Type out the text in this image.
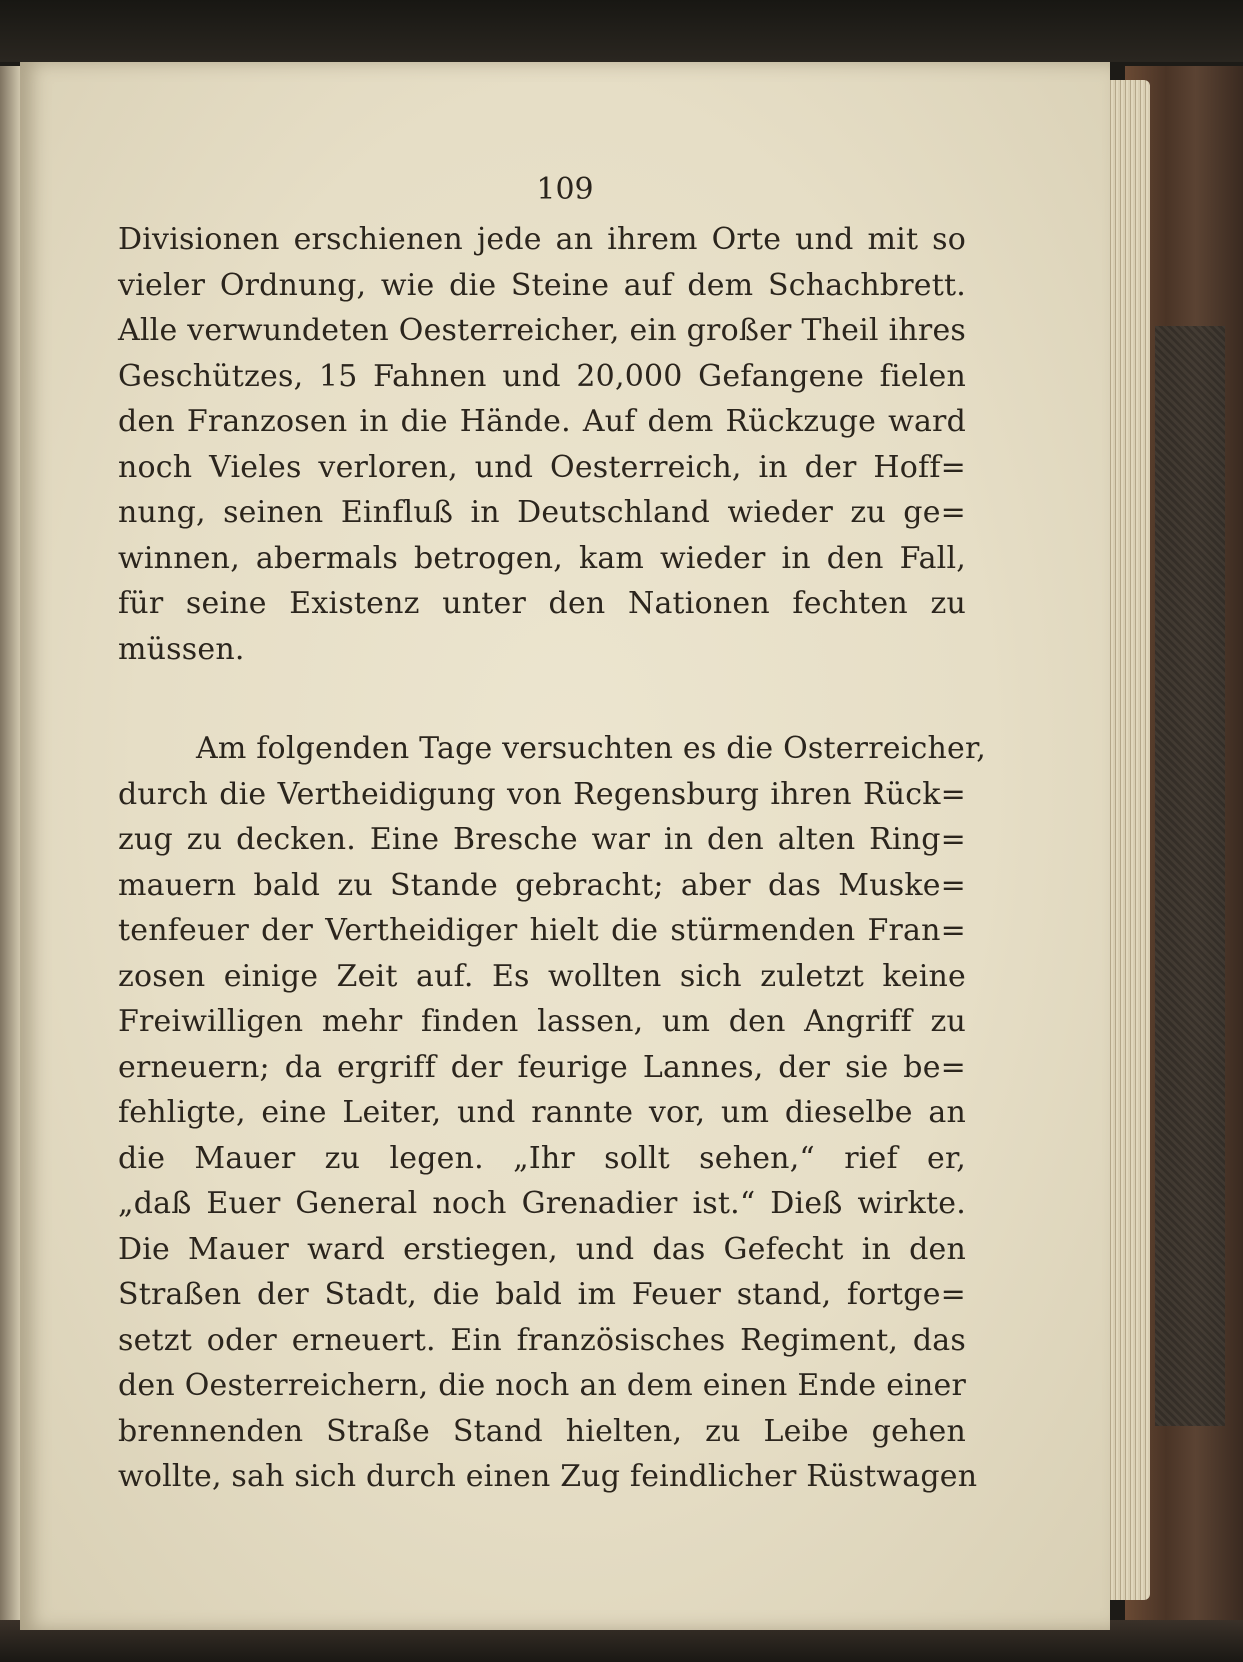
109

Divisionen erschienen jede an ihrem Orte und mit so
vieler Ordnung, wie die Steine auf dem Schachbrett.
Alle verwundeten Oesterreicher, ein großer Theil ihres
Geschützes, 15 Fahnen und 20,000 Gefangene fielen
den Franzosen in die Hände. Auf dem Rückzuge ward
noch Vieles verloren, und Oesterreich, in der Hoff=
nung, seinen Einfluß in Deutschland wieder zu ge=
winnen, abermals betrogen, kam wieder in den Fall,
für seine Existenz unter den Nationen fechten zu
müssen.
Am folgenden Tage versuchten es die Osterreicher,
durch die Vertheidigung von Regensburg ihren Rück=
zug zu decken. Eine Bresche war in den alten Ring=
mauern bald zu Stande gebracht; aber das Muske=
tenfeuer der Vertheidiger hielt die stürmenden Fran=
zosen einige Zeit auf. Es wollten sich zuletzt keine
Freiwilligen mehr finden lassen, um den Angriff zu
erneuern; da ergriff der feurige Lannes, der sie be=
fehligte, eine Leiter, und rannte vor, um dieselbe an
die Mauer zu legen. „Ihr sollt sehen,“ rief er,
„daß Euer General noch Grenadier ist.“ Dieß wirkte.
Die Mauer ward erstiegen, und das Gefecht in den
Straßen der Stadt, die bald im Feuer stand, fortge=
setzt oder erneuert. Ein französisches Regiment, das
den Oesterreichern, die noch an dem einen Ende einer
brennenden Straße Stand hielten, zu Leibe gehen
wollte, sah sich durch einen Zug feindlicher Rüstwagen
